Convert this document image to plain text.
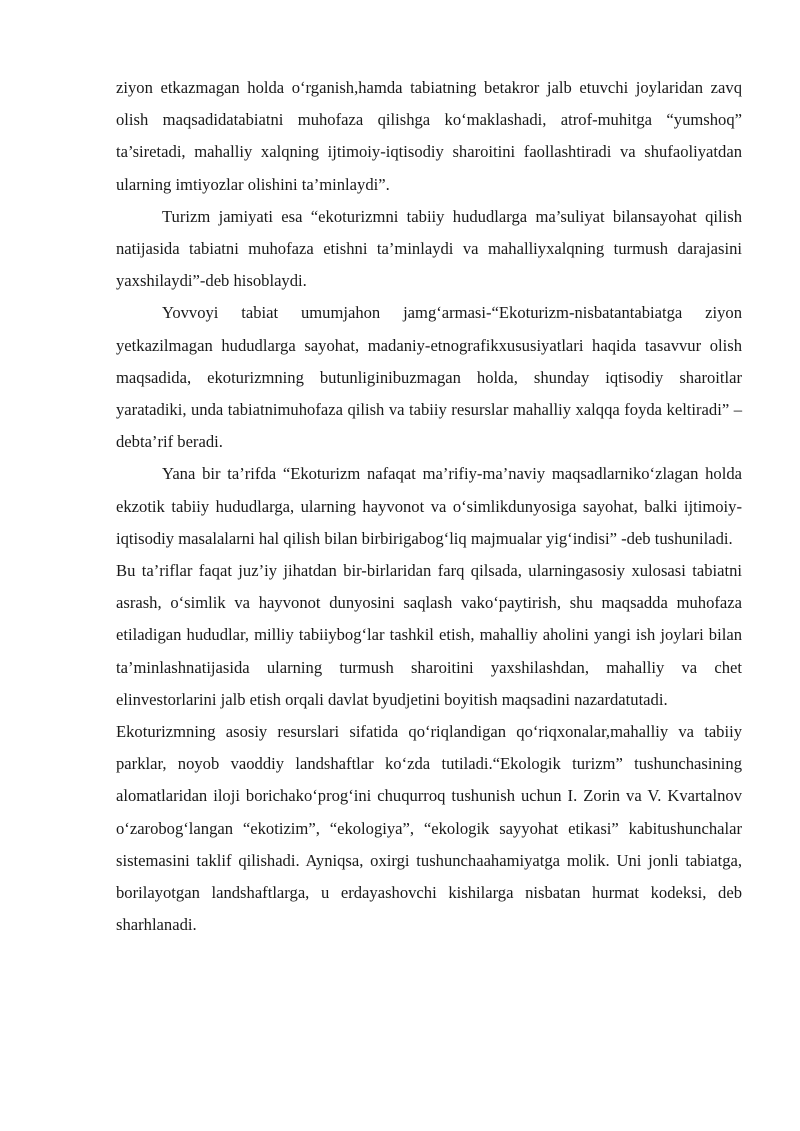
ziyon etkazmagan holda o‘rganish,hamda tabiatning betakror jalb etuvchi joylaridan zavq olish maqsadidatabiatni muhofaza qilishga ko‘maklashadi, atrof-muhitga “yumshoq” ta’siretadi, mahalliy xalqning ijtimoiy-iqtisodiy sharoitini faollashtiradi va shufaoliyatdan ularning imtiyozlar olishini ta’minlaydi”.

Turizm jamiyati esa “ekoturizmni tabiiy hududlarga ma’suliyat bilansayohat qilish natijasida tabiatni muhofaza etishni ta’minlaydi va mahalliyxalqning turmush darajasini yaxshilaydi”-deb hisoblaydi.

Yovvoyi tabiat umumjahon jamg‘armasi-“Ekoturizm-nisbatantabiatga ziyon yetkazilmagan hududlarga sayohat, madaniy-etnografikxususiyatlari haqida tasavvur olish maqsadida, ekoturizmning butunliginibuzmagan holda, shunday iqtisodiy sharoitlar yaratadiki, unda tabiatnimuhofaza qilish va tabiiy resurslar mahalliy xalqqa foyda keltiradi” – debta’rif beradi.

Yana bir ta’rifda “Ekoturizm nafaqat ma’rifiy-ma’naviy maqsadlarniko‘zlagan holda ekzotik tabiiy hududlarga, ularning hayvonot va o‘simlikdunyosiga sayohat, balki ijtimoiy-iqtisodiy masalalarni hal qilish bilan birbirigabog‘liq majmualar yig‘indisi” -deb tushuniladi.

Bu ta’riflar faqat juz’iy jihatdan bir-birlaridan farq qilsada, ularningasosiy xulosasi tabiatni asrash, o‘simlik va hayvonot dunyosini saqlash vako‘paytirish, shu maqsadda muhofaza etiladigan hududlar, milliy tabiiybog‘lar tashkil etish, mahalliy aholini yangi ish joylari bilan ta’minlashnatijasida ularning turmush sharoitini yaxshilashdan, mahalliy va chet elinvestorlarini jalb etish orqali davlat byudjetini boyitish maqsadini nazardatutadi.

Ekoturizmning asosiy resurslari sifatida qo‘riqlandigan qo‘riqxonalar,mahalliy va tabiiy parklar, noyob vaoddiy landshaftlar ko‘zda tutiladi.“Ekologik turizm” tushunchasining alomatlaridan iloji borichako‘prog‘ini chuqurroq tushunish uchun I. Zorin va V. Kvartalnov o‘zarobog‘langan “ekotizim”, “ekologiya”, “ekologik sayyohat etikasi” kabitushunchalar sistemasini taklif qilishadi. Ayniqsa, oxirgi tushunchaahamiyatga molik. Uni jonli tabiatga, borilayotgan landshaftlarga, u erdayashovchi kishilarga nisbatan hurmat kodeksi, deb sharhlanadi.
